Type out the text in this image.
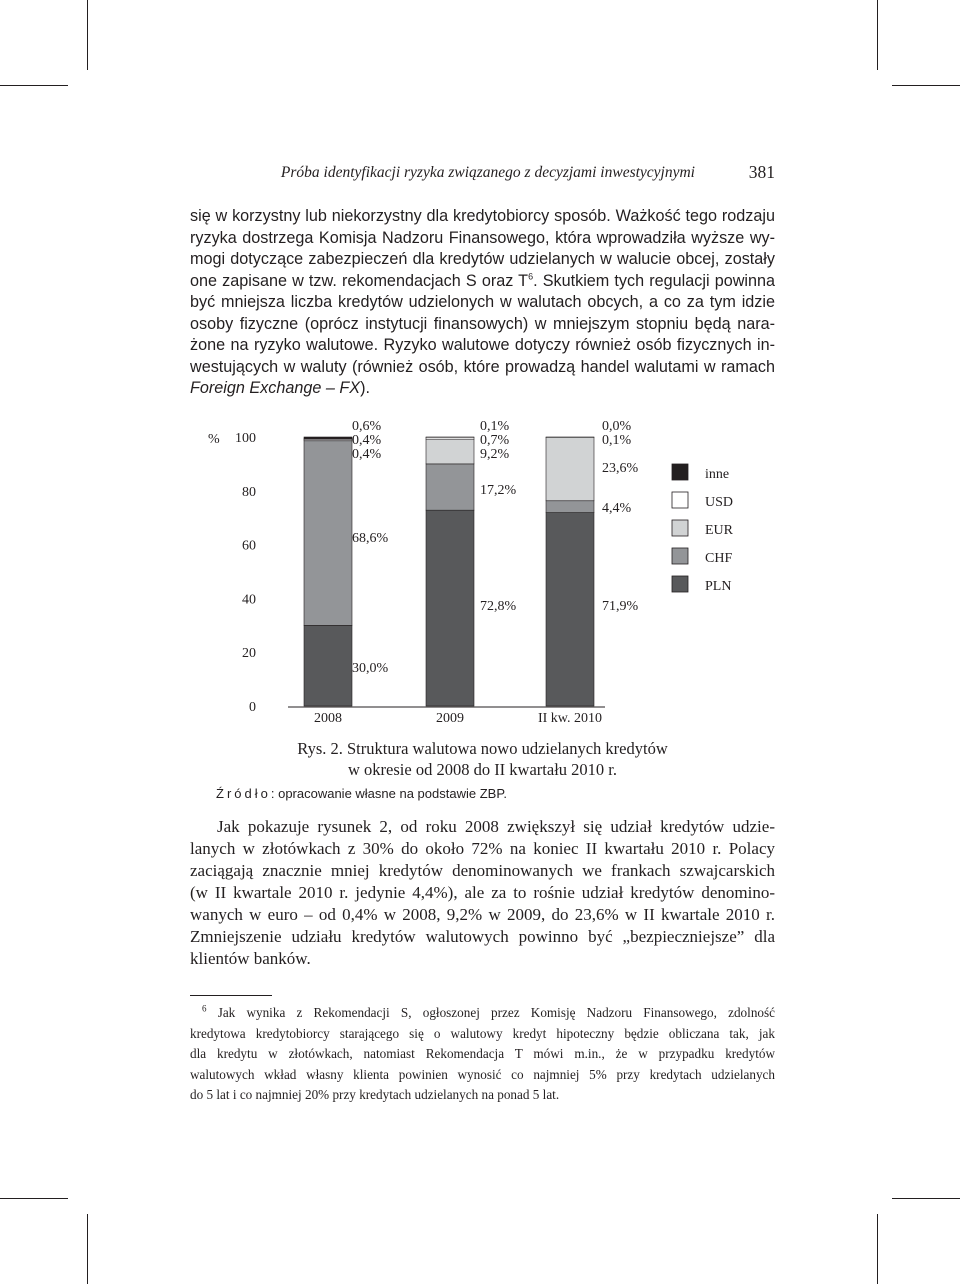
Próba identyfikacji ryzyka związanego z decyzjami inwestycyjnymi	381

się w korzystny lub niekorzystny dla kredytobiorcy sposób. Ważkość tego rodzaju
ryzyka dostrzega Komisja Nadzoru Finansowego, która wprowadziła wyższe wy-
mogi dotyczące zabezpieczeń dla kredytów udzielanych w walucie obcej, zostały
one zapisane w tzw. rekomendacjach S oraz $T^6$. Skutkiem tych regulacji powinna
być mniejsza liczba kredytów udzielonych w walutach obcych, a co za tym idzie
osoby fizyczne (oprócz instytucji finansowych) w mniejszym stopniu będą nara-
żone na ryzyko walutowe. Ryzyko walutowe dotyczy również osób fizycznych in-
westujących w waluty (również osób, które prowadzą handel walutami w ramach
Foreign Exchange – FX).

% 100
80
60
40
20
0
2008	2009	II kw. 2010
30,0%
68,6%
0,6%
0,4%
0,4%
72,8%
17,2%
0,1%
0,7%
9,2%
71,9%
4,4%
23,6%
0,0%
0,1%
inne
USD
EUR
CHF
PLN
Rys. 2. Struktura walutowa nowo udzielanych kredytów
w okresie od 2008 do II kwartału 2010 r.
Źródło: opracowanie własne na podstawie ZBP.

Jak pokazuje rysunek 2, od roku 2008 zwiększył się udział kredytów udzie-
lanych w złotówkach z 30% do około 72% na koniec II kwartału 2010 r. Polacy
zaciągają znacznie mniej kredytów denominowanych we frankach szwajcarskich
(w II kwartale 2010 r. jedynie 4,4%), ale za to rośnie udział kredytów denomino-
wanych w euro – od 0,4% w 2008, 9,2% w 2009, do 23,6% w II kwartale 2010 r.
Zmniejszenie udziału kredytów walutowych powinno być „bezpieczniejsze” dla
klientów banków.

$^6$ Jak wynika z Rekomendacji S, ogłoszonej przez Komisję Nadzoru Finansowego, zdolność
kredytowa kredytobiorcy starającego się o walutowy kredyt hipoteczny będzie obliczana tak, jak
dla kredytu w złotówkach, natomiast Rekomendacja T mówi m.in., że w przypadku kredytów
walutowych wkład własny klienta powinien wynosić co najmniej 5% przy kredytach udzielanych
do 5 lat i co najmniej 20% przy kredytach udzielanych na ponad 5 lat.
